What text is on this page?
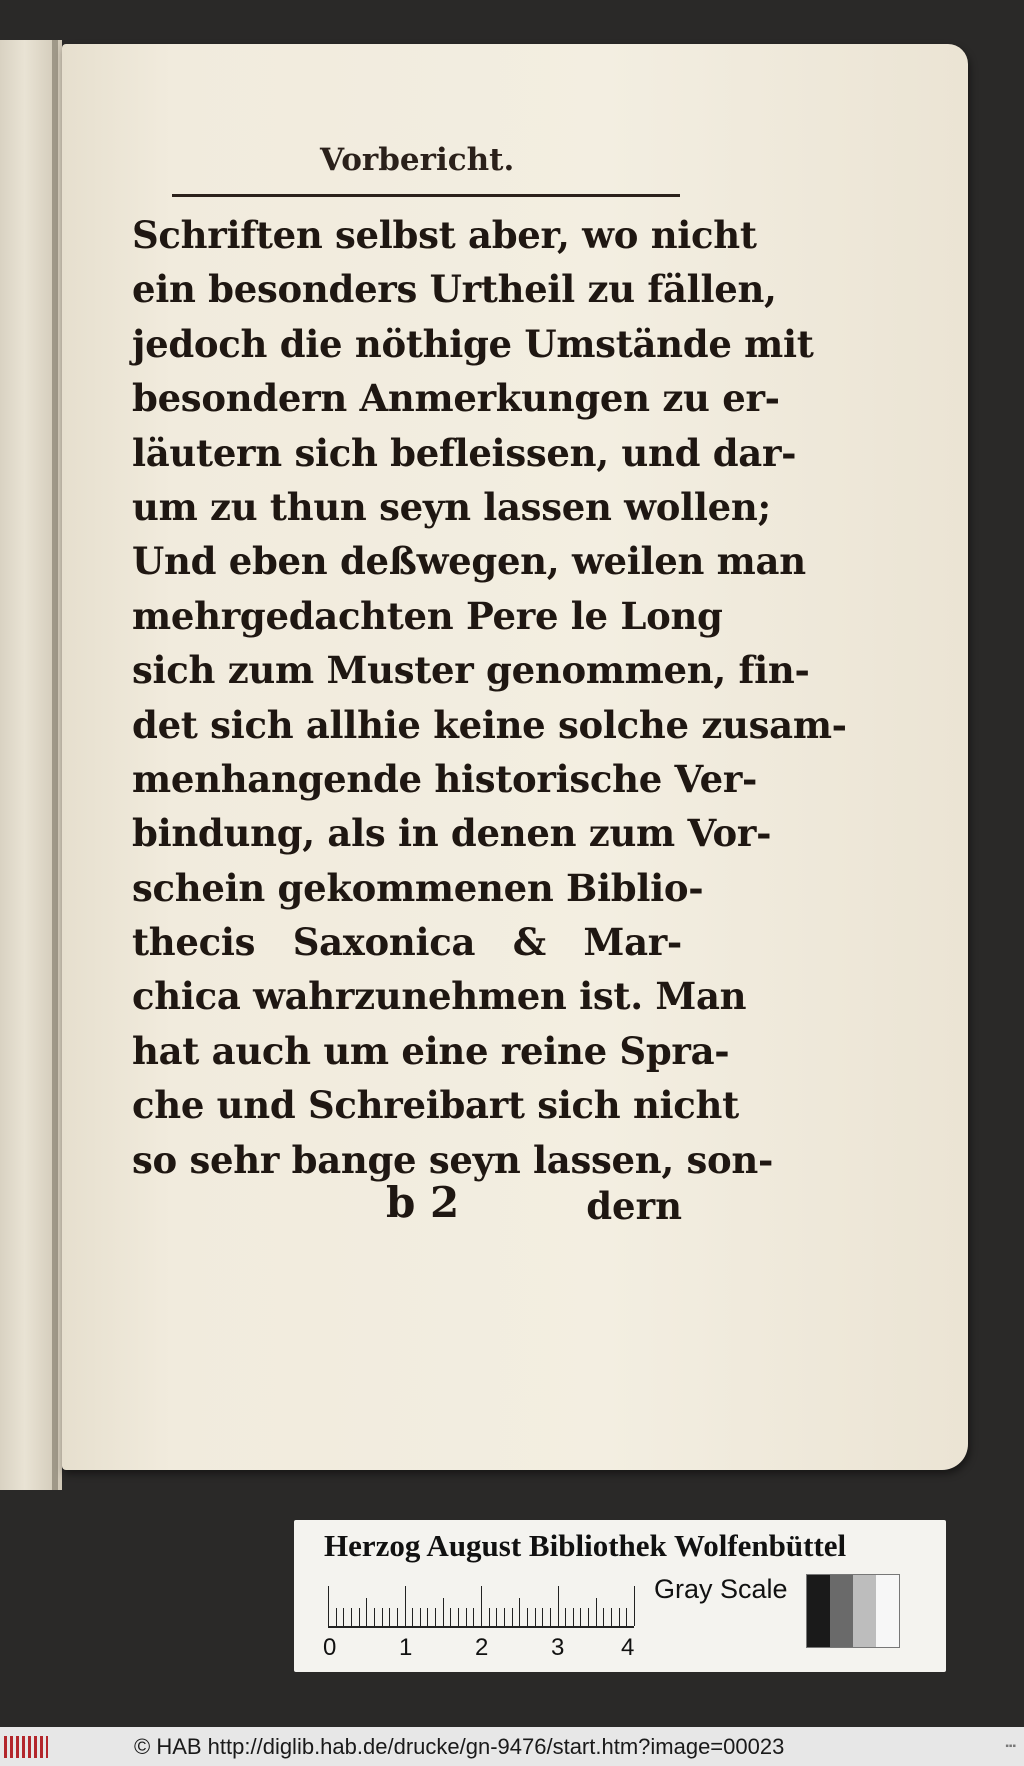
Vorbericht.
Schriften selbst aber, wo nicht
ein besonders Urtheil zu fällen,
jedoch die nöthige Umstände mit
besondern Anmerkungen zu er-
läutern sich befleissen, und dar-
um zu thun seyn lassen wollen;
Und eben deßwegen, weilen man
mehrgedachten Pere le Long
sich zum Muster genommen, fin-
det sich allhie keine solche zusam-
menhangende historische Ver-
bindung, als in denen zum Vor-
schein gekommenen Biblio-
thecis Saxonica & Mar-
chica wahrzunehmen ist. Man
hat auch um eine reine Spra-
che und Schreibart sich nicht
so sehr bange seyn lassen, son-
b 2	dern
Herzog August Bibliothek Wolfenbüttel
0	1	2	3 4
Gray Scale
© HAB http://diglib.hab.de/drucke/gn-9476/start.htm?image=00023	▪▪▪
